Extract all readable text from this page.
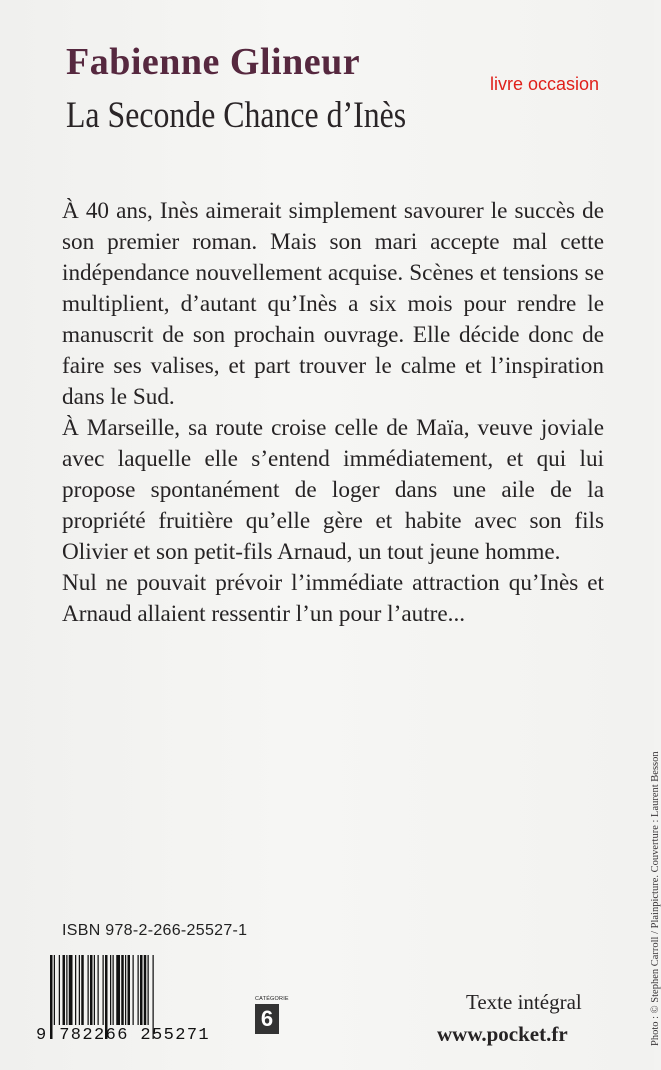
Fabienne Glineur
La Seconde Chance d’Inès
livre occasion

À 40 ans, Inès aimerait simplement savourer le succès de son premier roman. Mais son mari accepte mal cette indépendance nouvellement acquise. Scènes et tensions se multiplient, d’autant qu’Inès a six mois pour rendre le manuscrit de son prochain ouvrage. Elle décide donc de faire ses valises, et part trouver le calme et l’inspiration dans le Sud.

À Marseille, sa route croise celle de Maïa, veuve joviale avec laquelle elle s’entend immédiatement, et qui lui propose spontanément de loger dans une aile de la propriété fruitière qu’elle gère et habite avec son fils Olivier et son petit-fils Arnaud, un tout jeune homme.

Nul ne pouvait prévoir l’immédiate attraction qu’Inès et Arnaud allaient ressentir l’un pour l’autre...

Photo : © Stephen Carroll / Plainpicture. Couverture : Laurent Besson
ISBN 978-2-266-25527-1
9 782266 255271
CATÉGORIE
6
Texte intégral
www.pocket.fr
